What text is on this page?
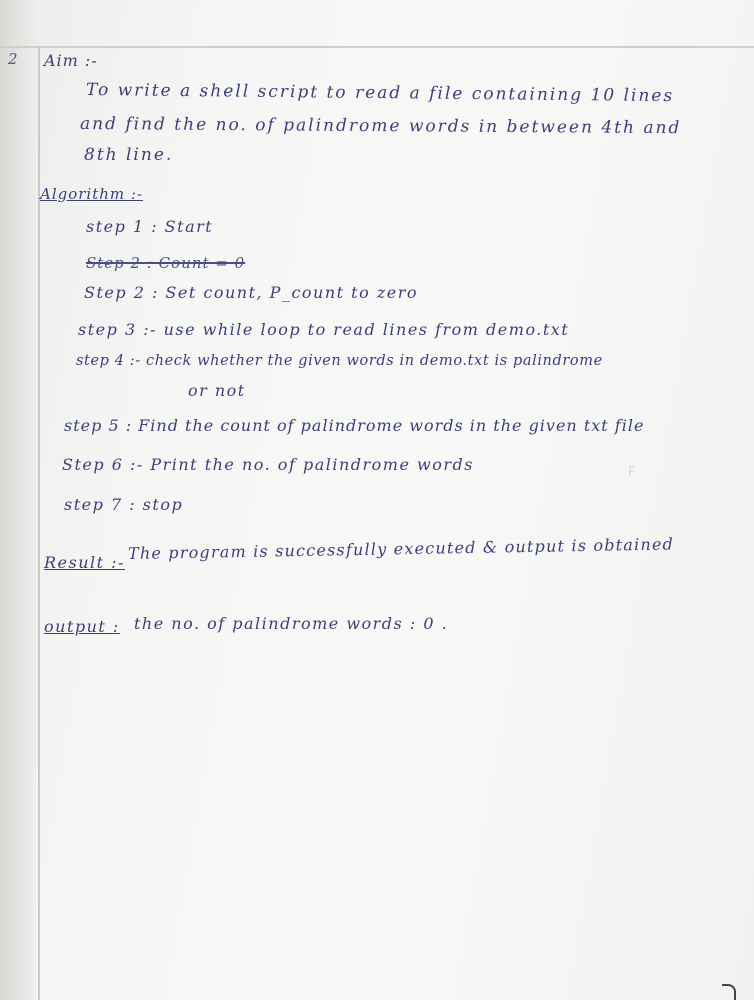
2 Aim :-
To write a shell script to read a file containing 10 lines
and find the no. of palindrome words in between 4th and
8th line.
Algorithm :-
step 1 : Start
Step 2 : Count = 0
Step 2 : Set count, P_count to zero
step 3 :- use while loop to read lines from demo.txt
step 4 :- check whether the given words in demo.txt is palindrome
or not
step 5 : Find the count of palindrome words in the given txt file
Step 6 :- Print the no. of palindrome words
step 7 : stop
F
Result :- The program is successfully executed & output is obtained
output : the no. of palindrome words : 0 .
